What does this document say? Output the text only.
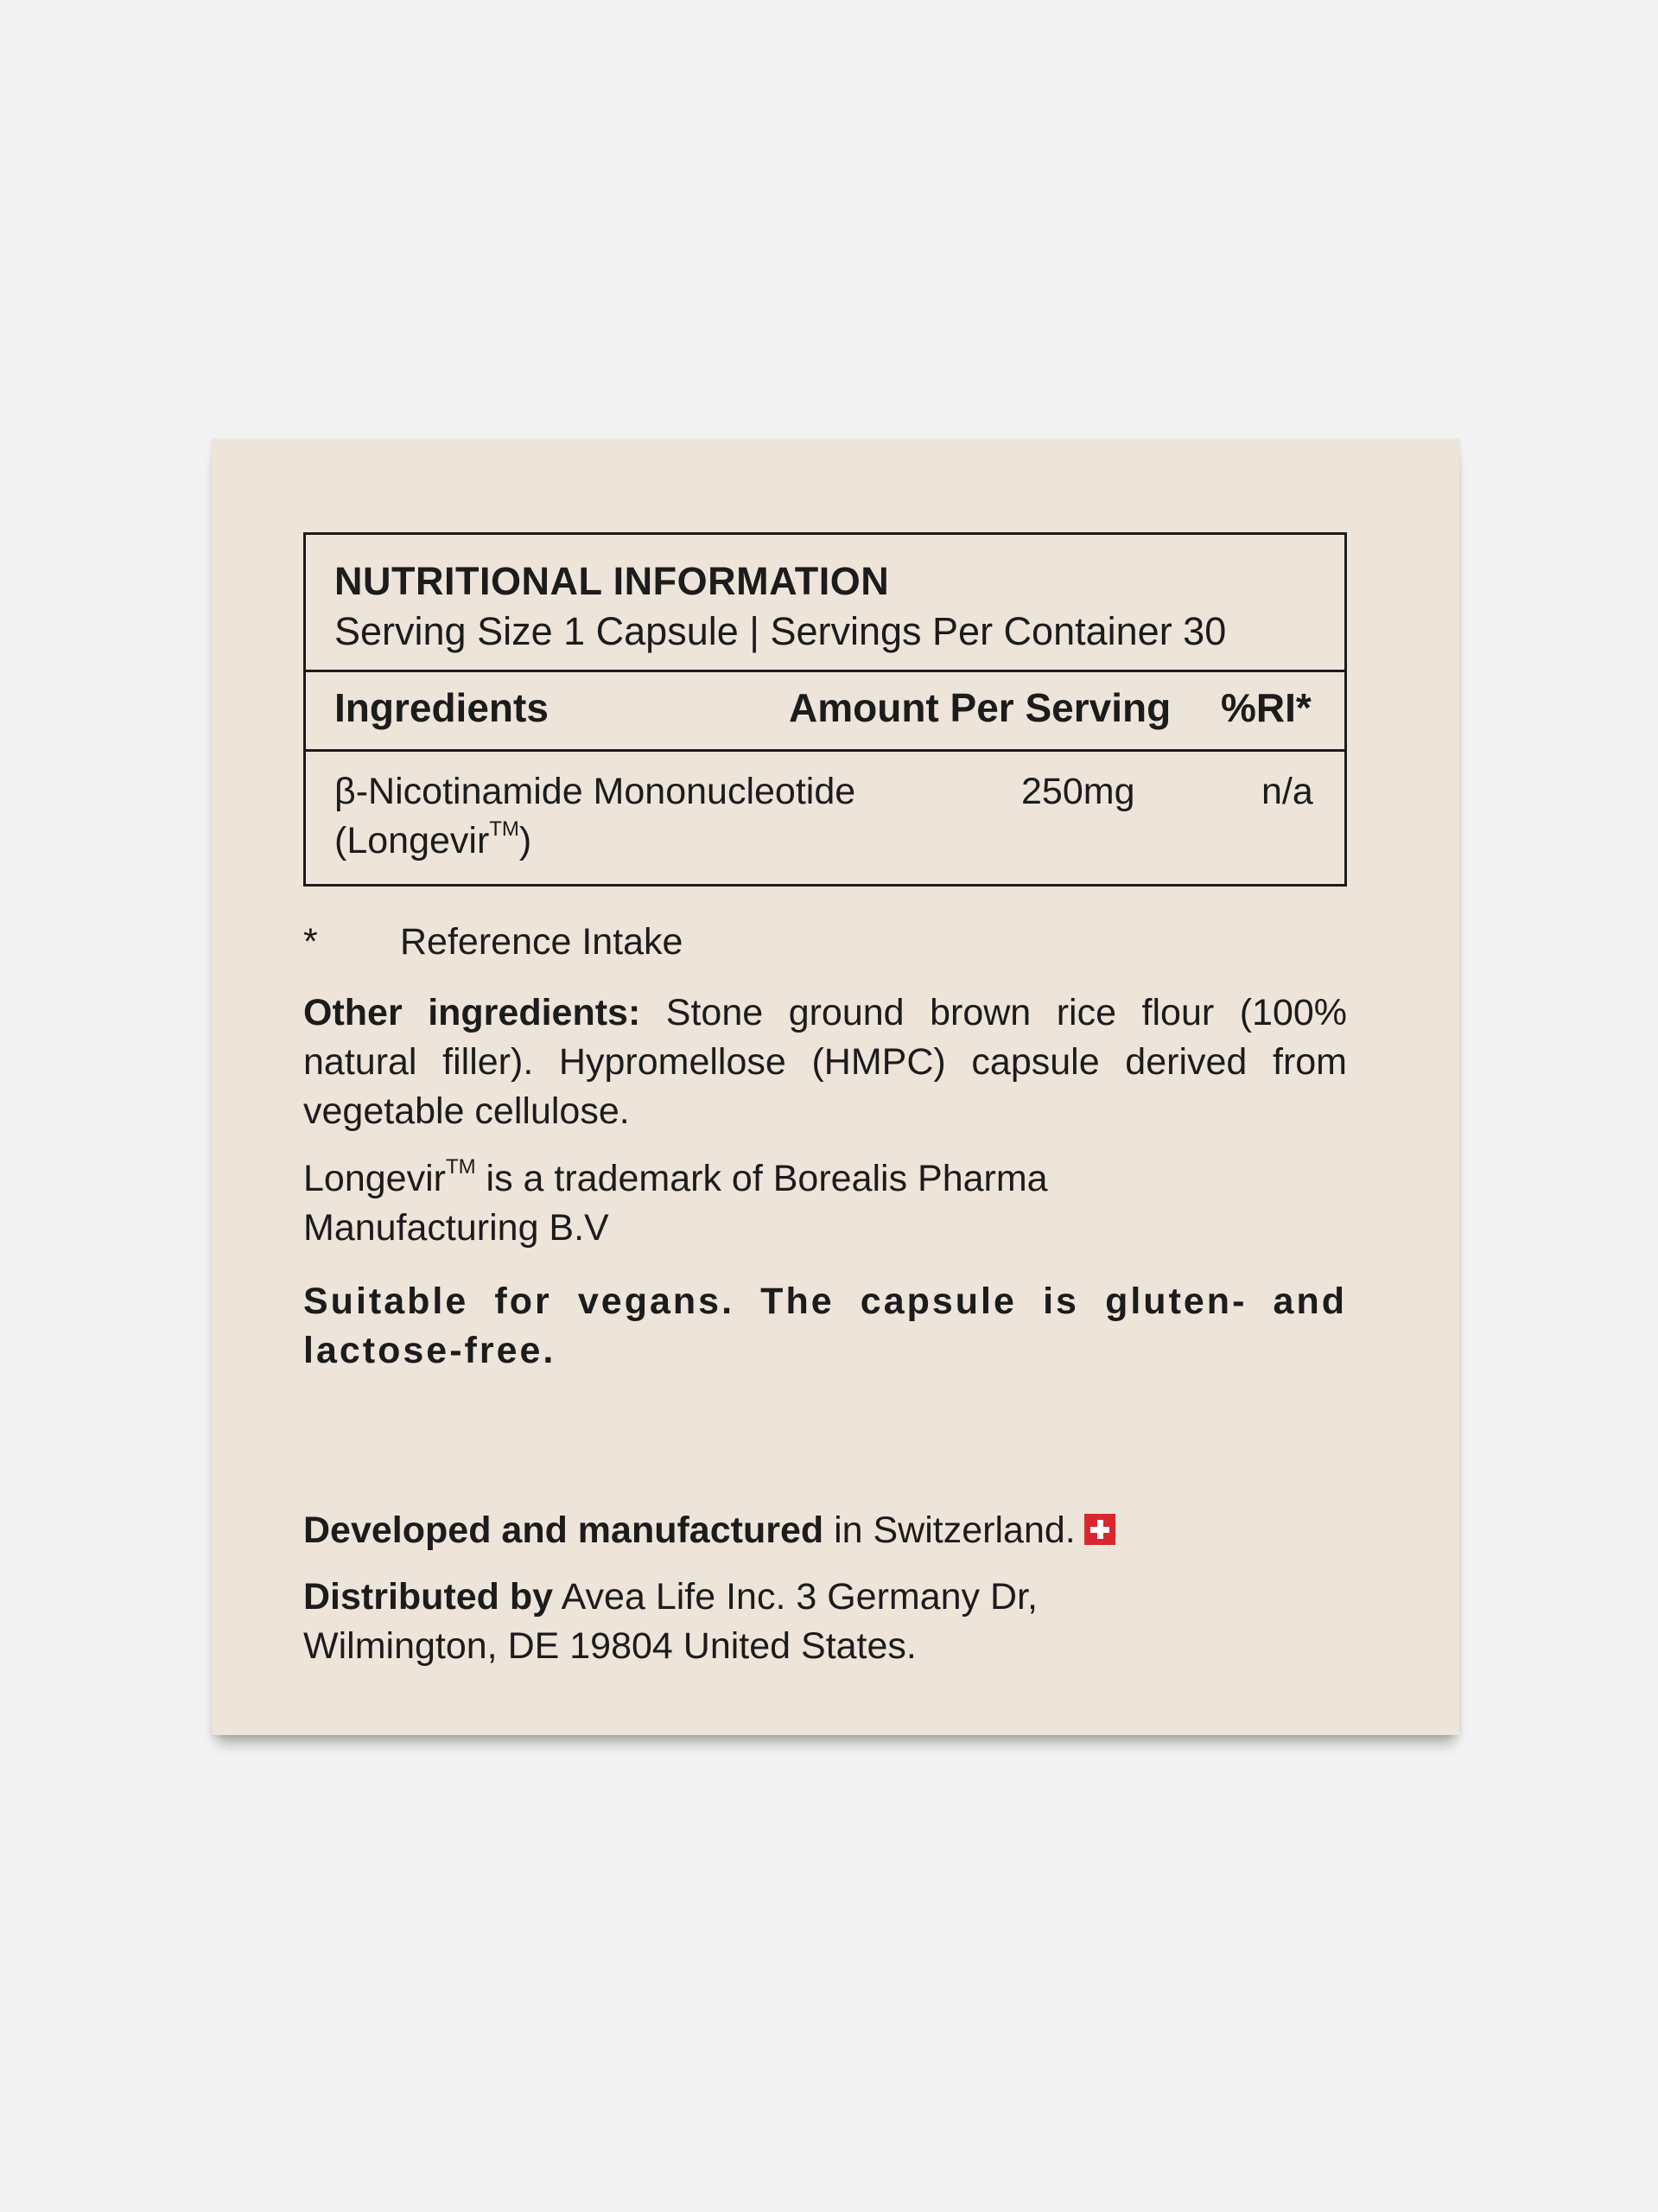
NUTRITIONAL INFORMATION
Serving Size 1 Capsule | Servings Per Container 30
Ingredients	Amount Per Serving %RI*
β-Nicotinamide Mononucleotide
(Longevir™)
250mg	n/a
* Reference Intake
Other ingredients: Stone ground brown rice flour (100% natural filler). Hypromellose (HMPC) capsule derived from vegetable cellulose.
Longevir™ is a trademark of Borealis Pharma
Manufacturing B.V
Suitable for vegans. The capsule is gluten- and lactose-free.
Developed and manufactured in Switzerland.
Distributed by Avea Life Inc. 3 Germany Dr,
Wilmington, DE 19804 United States.
